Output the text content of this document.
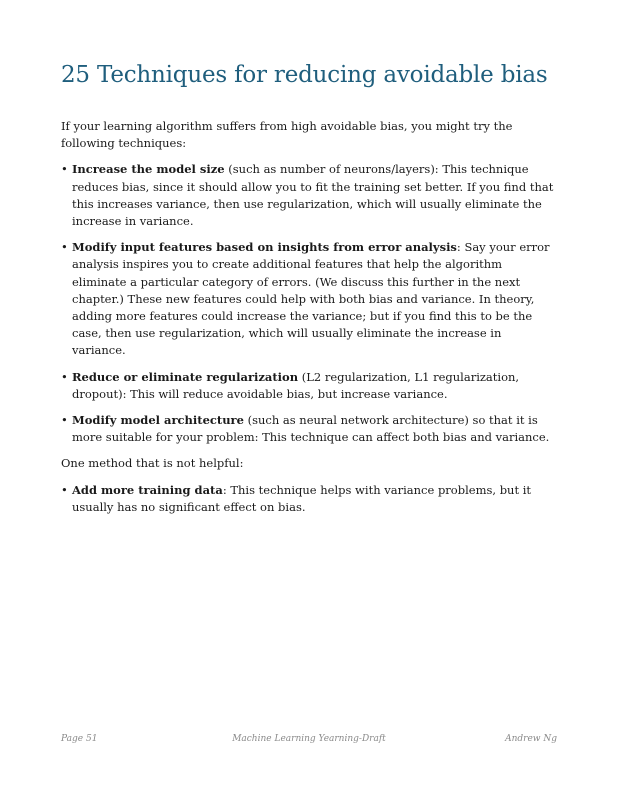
25 Techniques for reducing avoidable bias

If your learning algorithm suffers from high avoidable bias, you might try the following techniques:

• Increase the model size (such as number of neurons/layers): This technique reduces bias, since it should allow you to fit the training set better. If you find that this increases variance, then use regularization, which will usually eliminate the increase in variance.
• Modify input features based on insights from error analysis: Say your error analysis inspires you to create additional features that help the algorithm eliminate a particular category of errors. (We discuss this further in the next chapter.) These new features could help with both bias and variance. In theory, adding more features could increase the variance; but if you find this to be the case, then use regularization, which will usually eliminate the increase in variance.
• Reduce or eliminate regularization (L2 regularization, L1 regularization, dropout): This will reduce avoidable bias, but increase variance.
• Modify model architecture (such as neural network architecture) so that it is more suitable for your problem: This technique can affect both bias and variance.

One method that is not helpful:

• Add more training data: This technique helps with variance problems, but it usually has no significant effect on bias.
Page 51	Machine Learning Yearning-Draft	Andrew Ng
